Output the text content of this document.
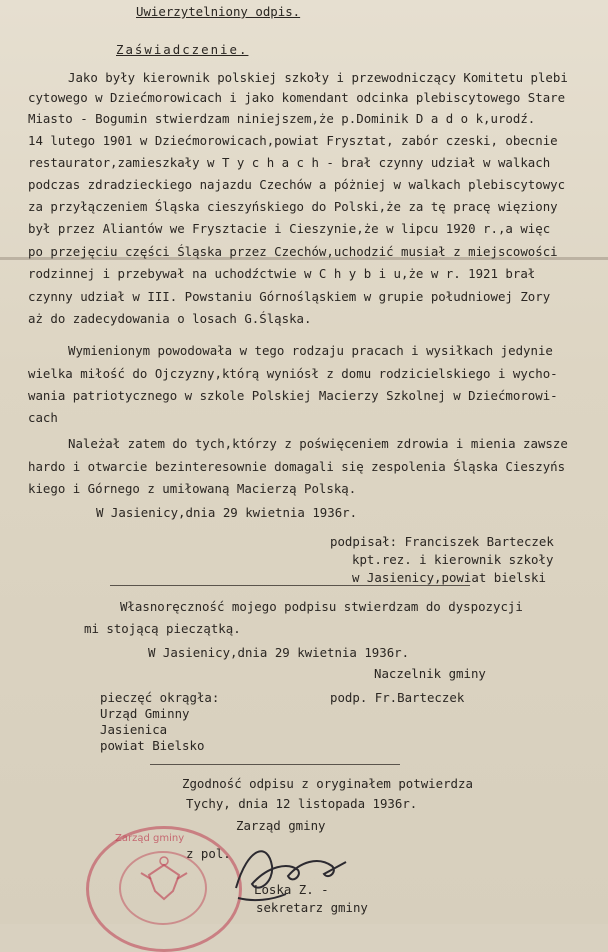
Uwierzytelniony odpis.
Zaświadczenie.
Jako były kierownik polskiej szkoły i przewodniczący Komitetu plebi
cytowego w Dziećmorowicach i jako komendant odcinka plebiscytowego Stare
Miasto - Bogumin stwierdzam niniejszem,że p.Dominik D a d o k,urodź.
14 lutego 1901 w Dziećmorowicach,powiat Frysztat, zabór czeski, obecnie
restaurator,zamieszkały w T y c h a c h - brał czynny udział w walkach
podczas zdradzieckiego najazdu Czechów a póżniej w walkach plebiscytowyc
za przyłączeniem Śląska cieszyńskiego do Polski,że za tę pracę więziony
był przez Aliantów we Frysztacie i Cieszynie,że w lipcu 1920 r.,a więc
po przejęciu części Śląska przez Czechów,uchodzić musiał z miejscowości
rodzinnej i przebywał na uchodźctwie w C h y b i u,że w r. 1921 brał
czynny udział w III. Powstaniu Górnośląskiem w grupie południowej Zory
aż do zadecydowania o losach G.Śląska.
Wymienionym powodowała w tego rodzaju pracach i wysiłkach jedynie
wielka miłość do Ojczyzny,którą wyniósł z domu rodzicielskiego i wycho-
wania patriotycznego w szkole Polskiej Macierzy Szkolnej w Dziećmorowi-
cach
Należał zatem do tych,którzy z poświęceniem zdrowia i mienia zawsze
hardo i otwarcie bezinteresownie domagali się zespolenia Śląska Cieszyńs
kiego i Górnego z umiłowaną Macierzą Polską.
W Jasienicy,dnia 29 kwietnia 1936r.
podpisał: Franciszek Barteczek
kpt.rez. i kierownik szkoły
w Jasienicy,powiat bielski
Własnoręczność mojego podpisu stwierdzam do dyspozycji
mi stojącą pieczątką.
W Jasienicy,dnia 29 kwietnia 1936r.
Naczelnik gminy
podp. Fr.Barteczek
pieczęć okrągła:
Urząd Gminny
Jasienica
powiat Bielsko
Zgodność odpisu z oryginałem potwierdza
Tychy, dnia 12 listopada 1936r.
Zarząd gminy
z pol.
Loska Z. -
sekretarz gminy
Zarząd gminy
